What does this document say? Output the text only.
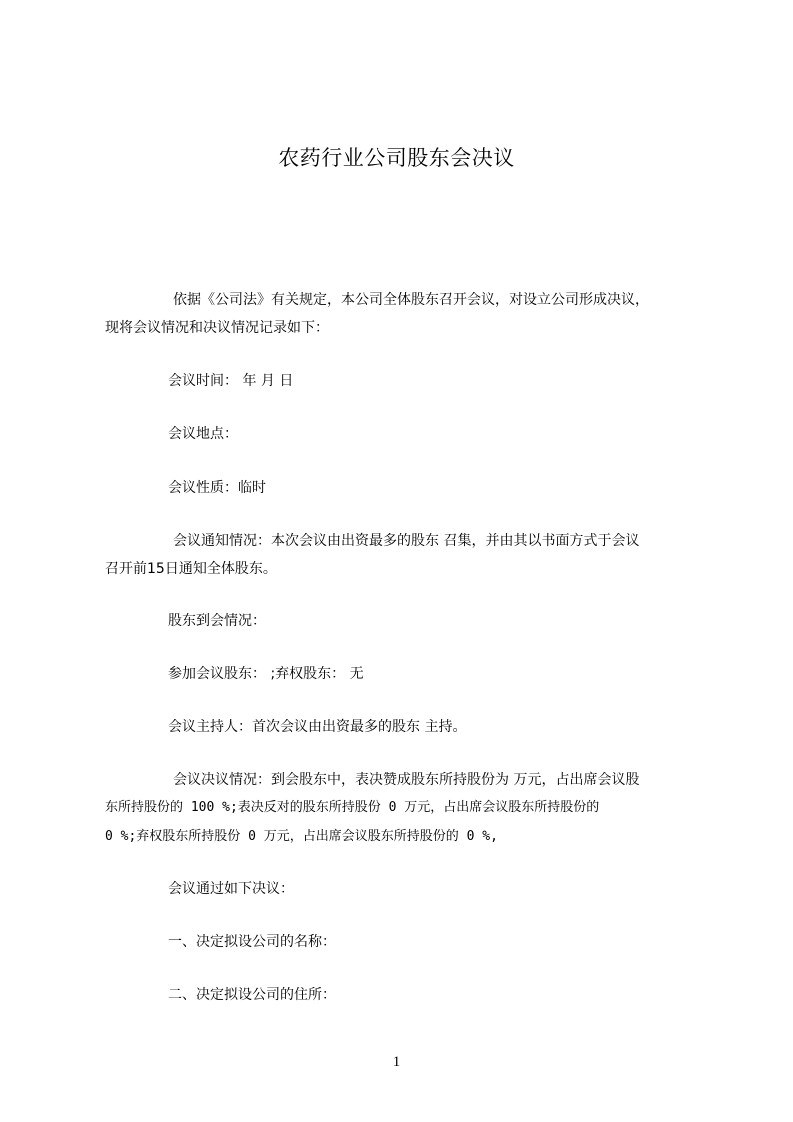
农药行业公司股东会决议
依据《公司法》有关规定，本公司全体股东召开会议，对设立公司形成决议，
现将会议情况和决议情况记录如下：
会议时间： 年 月 日
会议地点：
会议性质：临时
会议通知情况：本次会议由出资最多的股东 召集，并由其以书面方式于会议
召开前15日通知全体股东。
股东到会情况：
参加会议股东： ;弃权股东： 无
会议主持人：首次会议由出资最多的股东 主持。
会议决议情况：到会股东中，表决赞成股东所持股份为 万元，占出席会议股
东所持股份的 100 %;表决反对的股东所持股份 0 万元，占出席会议股东所持股份的
0 %;弃权股东所持股份 0 万元，占出席会议股东所持股份的 0 %,
会议通过如下决议：
一、决定拟设公司的名称：
二、决定拟设公司的住所：
1
